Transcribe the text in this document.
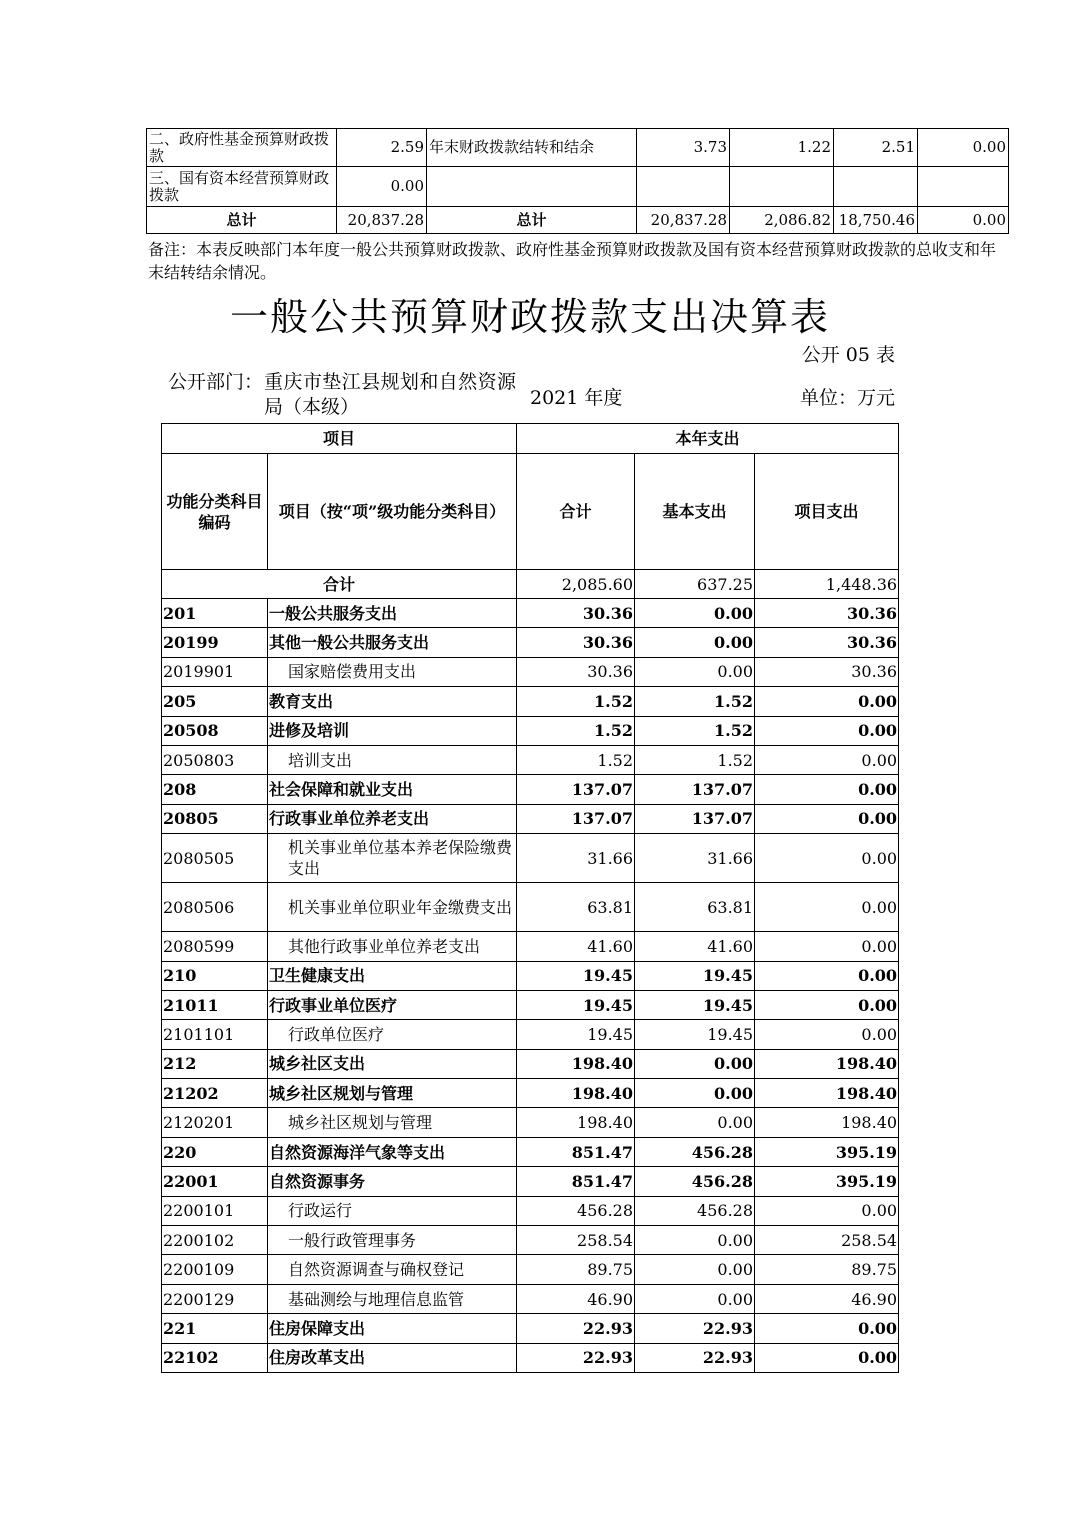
二、政府性基金预算财政拨款	2.59	年末财政拨款结转和结余	3.73	1.22	2.51	0.00
三、国有资本经营预算财政拨款	0.00					
总计	20,837.28	总计	20,837.28	2,086.82	18,750.46	0.00
备注：本表反映部门本年度一般公共预算财政拨款、政府性基金预算财政拨款及国有资本经营预算财政拨款的总收支和年末结转结余情况。
一般公共预算财政拨款支出决算表
公开 05 表
公开部门： 重庆市垫江县规划和自然资源局（本级）	2021 年度	单位：万元
项目		本年支出		
功能分类科目编码	项目（按“项”级功能分类科目）	合计	基本支出	项目支出
合计		2,085.60	637.25	1,448.36
201	一般公共服务支出	30.36	0.00	30.36
20199	其他一般公共服务支出	30.36	0.00	30.36
2019901	国家赔偿费用支出	30.36	0.00	30.36
205	教育支出	1.52	1.52	0.00
20508	进修及培训	1.52	1.52	0.00
2050803	培训支出	1.52	1.52	0.00
208	社会保障和就业支出	137.07	137.07	0.00
20805	行政事业单位养老支出	137.07	137.07	0.00
2080505	机关事业单位基本养老保险缴费支出	31.66	31.66	0.00
2080506	机关事业单位职业年金缴费支出	63.81	63.81	0.00
2080599	其他行政事业单位养老支出	41.60	41.60	0.00
210	卫生健康支出	19.45	19.45	0.00
21011	行政事业单位医疗	19.45	19.45	0.00
2101101	行政单位医疗	19.45	19.45	0.00
212	城乡社区支出	198.40	0.00	198.40
21202	城乡社区规划与管理	198.40	0.00	198.40
2120201	城乡社区规划与管理	198.40	0.00	198.40
220	自然资源海洋气象等支出	851.47	456.28	395.19
22001	自然资源事务	851.47	456.28	395.19
2200101	行政运行	456.28	456.28	0.00
2200102	一般行政管理事务	258.54	0.00	258.54
2200109	自然资源调查与确权登记	89.75	0.00	89.75
2200129	基础测绘与地理信息监管	46.90	0.00	46.90
221	住房保障支出	22.93	22.93	0.00
22102	住房改革支出	22.93	22.93	0.00
